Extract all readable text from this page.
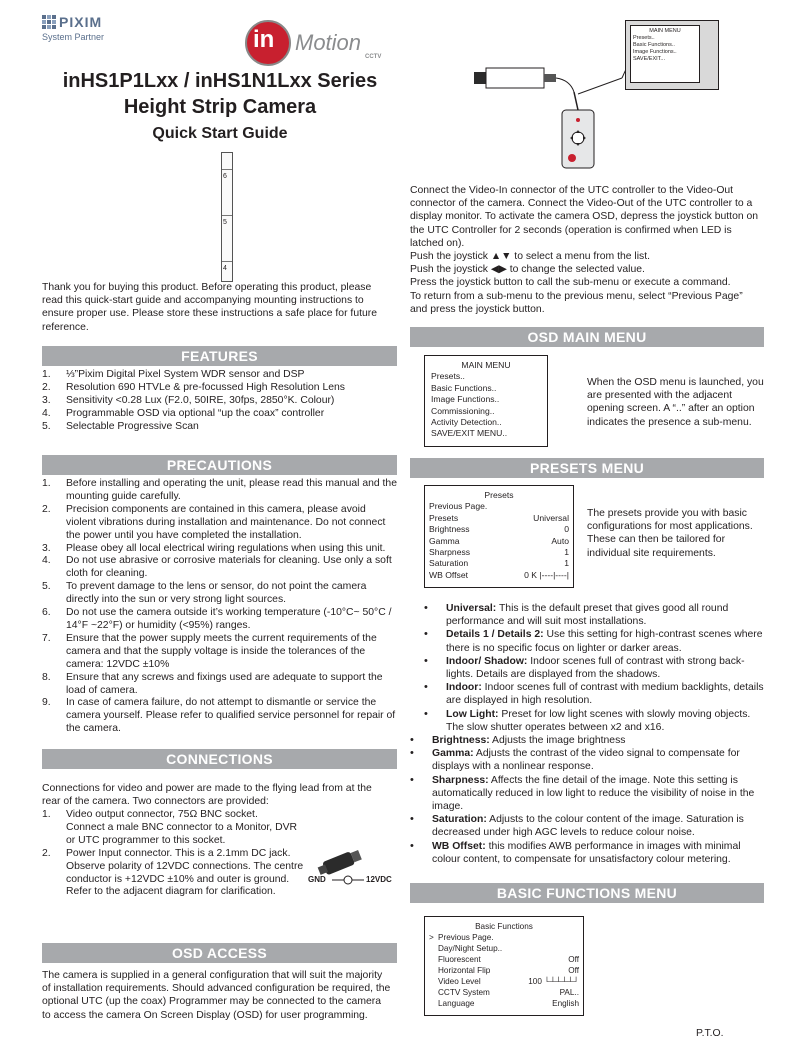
PIXIM
System Partner	in Motion
CCTV
inHS1P1Lxx / inHS1N1Lxx Series
Height Strip Camera
Quick Start Guide
6
5
4
Thank you for buying this product. Before operating this product, please read this quick-start guide and accompanying mounting instructions to ensure proper use. Please store these instructions a safe place for future reference.
FEATURES
1. ⅓”Pixim Digital Pixel System WDR sensor and DSP
2. Resolution 690 HTVLe & pre-focussed High Resolution Lens
3. Sensitivity <0.28 Lux (F2.0, 50IRE, 30fps, 2850°K. Colour)
4. Programmable OSD via optional “up the coax” controller
5. Selectable Progressive Scan
PRECAUTIONS
1. Before installing and operating the unit, please read this manual and the mounting guide carefully.
2. Precision components are contained in this camera, please avoid violent vibrations during installation and maintenance. Do not connect the power until you have completed the installation.
3. Please obey all local electrical wiring regulations when using this unit.
4. Do not use abrasive or corrosive materials for cleaning. Use only a soft cloth for cleaning.
5. To prevent damage to the lens or sensor, do not point the camera directly into the sun or very strong light sources.
6. Do not use the camera outside it’s working temperature (-10°C~ 50°C / 14°F ~22°F) or humidity (<95%) ranges.
7. Ensure that the power supply meets the current requirements of the camera and that the supply voltage is inside the tolerances of the camera: 12VDC ±10%
8. Ensure that any screws and fixings used are adequate to support the load of camera.
9. In case of camera failure, do not attempt to dismantle or service the camera yourself. Please refer to qualified service personnel for repair of the camera.
CONNECTIONS
Connections for video and power are made to the flying lead from at the rear of the camera. Two connectors are provided:
1. Video output connector, 75Ω BNC socket. Connect a male BNC connector to a Monitor, DVR or UTC programmer to this socket.
2. Power Input connector. This is a 2.1mm DC jack. Observe polarity of 12VDC connections. The centre conductor is +12VDC ±10% and outer is ground. Refer to the adjacent diagram for clarification.
GND	12VDC
OSD ACCESS
The camera is supplied in a general configuration that will suit the majority of installation requirements. Should advanced configuration be required, the optional UTC (up the coax) Programmer may be connected to the camera to access the camera On Screen Display (OSD) for user programming.
MAIN MENU
Presets..
Basic Functions..
Image Functions..
SAVE/EXIT...
Connect the Video-In connector of the UTC controller to the Video-Out connector of the camera. Connect the Video-Out of the UTC controller to a display monitor. To activate the camera OSD, depress the joystick button on the UTC Controller for 2 seconds (operation is confirmed when LED is latched on).
Push the joystick ▲▼ to select a menu from the list.
Push the joystick ◀▶ to change the selected value.
Press the joystick button to call the sub-menu or execute a command.
To return from a sub-menu to the previous menu, select “Previous Page” and press the joystick button.
OSD MAIN MENU
MAIN MENU
Presets..
Basic Functions..
Image Functions..
Commissioning..
Activity Detection..
SAVE/EXIT MENU..
When the OSD menu is launched, you are presented with the adjacent opening screen. A “..” after an option indicates the presence a sub-menu.
PRESETS MENU
Presets
Previous Page.
Presets	Universal
Brightness	0
Gamma	Auto
Sharpness	1
Saturation	1
WB Offset	0 K |----|----|
The presets provide you with basic configurations for most applications. These can then be tailored for individual site requirements.
• Universal: This is the default preset that gives good all round performance and will suit most installations.
• Details 1 / Details 2: Use this setting for high-contrast scenes where there is no specific focus on lighter or darker areas.
• Indoor/ Shadow: Indoor scenes full of contrast with strong back-lights. Details are displayed from the shadows.
• Indoor: Indoor scenes full of contrast with medium backlights, details are displayed in high resolution.
• Low Light: Preset for low light scenes with slowly moving objects. The slow shutter operates between x2 and x16.
• Brightness: Adjusts the image brightness
• Gamma: Adjusts the contrast of the video signal to compensate for displays with a nonlinear response.
• Sharpness: Affects the fine detail of the image. Note this setting is automatically reduced in low light to reduce the visibility of noise in the image.
• Saturation: Adjusts to the colour content of the image. Saturation is decreased under high AGC levels to reduce colour noise.
• WB Offset: this modifies AWB performance in images with minimal colour content, to compensate for unsatisfactory colour metering.
BASIC FUNCTIONS MENU
Basic Functions
> Previous Page.
Day/Night Setup..
Fluorescent	Off
Horizontal Flip	Off
Video Level	100 └┴┴┴┴┘
CCTV System	PAL..
Language	English
P.T.O.
